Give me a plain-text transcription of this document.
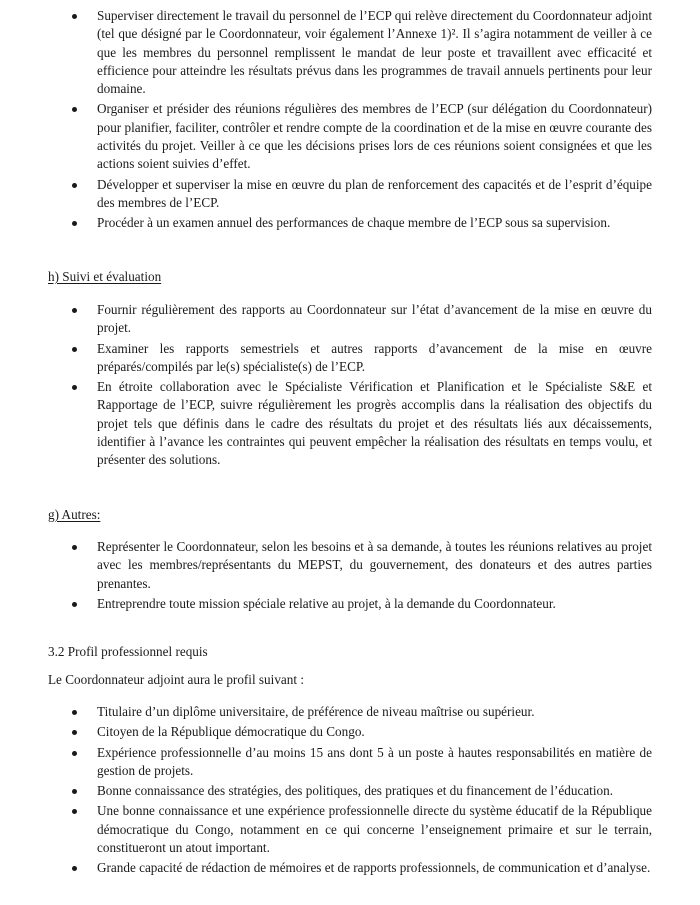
Superviser directement le travail du personnel de l’ECP qui relève directement du Coordonnateur adjoint (tel que désigné par le Coordonnateur, voir également l’Annexe 1)². Il s’agira notamment de veiller à ce que les membres du personnel remplissent le mandat de leur poste et travaillent avec efficacité et efficience pour atteindre les résultats prévus dans les programmes de travail annuels pertinents pour leur domaine.
Organiser et présider des réunions régulières des membres de l’ECP (sur délégation du Coordonnateur) pour planifier, faciliter, contrôler et rendre compte de la coordination et de la mise en œuvre courante des activités du projet. Veiller à ce que les décisions prises lors de ces réunions soient consignées et que les actions soient suivies d’effet.
Développer et superviser la mise en œuvre du plan de renforcement des capacités et de l’esprit d’équipe des membres de l’ECP.
Procéder à un examen annuel des performances de chaque membre de l’ECP sous sa supervision.
h) Suivi et évaluation
Fournir régulièrement des rapports au Coordonnateur sur l’état d’avancement de la mise en œuvre du projet.
Examiner les rapports semestriels et autres rapports d’avancement de la mise en œuvre préparés/compilés par le(s) spécialiste(s) de l’ECP.
En étroite collaboration avec le Spécialiste Vérification et Planification et le Spécialiste S&E et Rapportage de l’ECP, suivre régulièrement les progrès accomplis dans la réalisation des objectifs du projet tels que définis dans le cadre des résultats du projet et des résultats liés aux décaissements, identifier à l’avance les contraintes qui peuvent empêcher la réalisation des résultats en temps voulu, et présenter des solutions.
g) Autres:
Représenter le Coordonnateur, selon les besoins et à sa demande, à toutes les réunions relatives au projet avec les membres/représentants du MEPST, du gouvernement, des donateurs et des autres parties prenantes.
Entreprendre toute mission spéciale relative au projet, à la demande du Coordonnateur.
3.2 Profil professionnel requis

Le Coordonnateur adjoint aura le profil suivant :

Titulaire d’un diplôme universitaire, de préférence de niveau maîtrise ou supérieur.
Citoyen de la République démocratique du Congo.
Expérience professionnelle d’au moins 15 ans dont 5 à un poste à hautes responsabilités en matière de gestion de projets.
Bonne connaissance des stratégies, des politiques, des pratiques et du financement de l’éducation.
Une bonne connaissance et une expérience professionnelle directe du système éducatif de la République démocratique du Congo, notamment en ce qui concerne l’enseignement primaire et sur le terrain, constitueront un atout important.
Grande capacité de rédaction de mémoires et de rapports professionnels, de communication et d’analyse.
